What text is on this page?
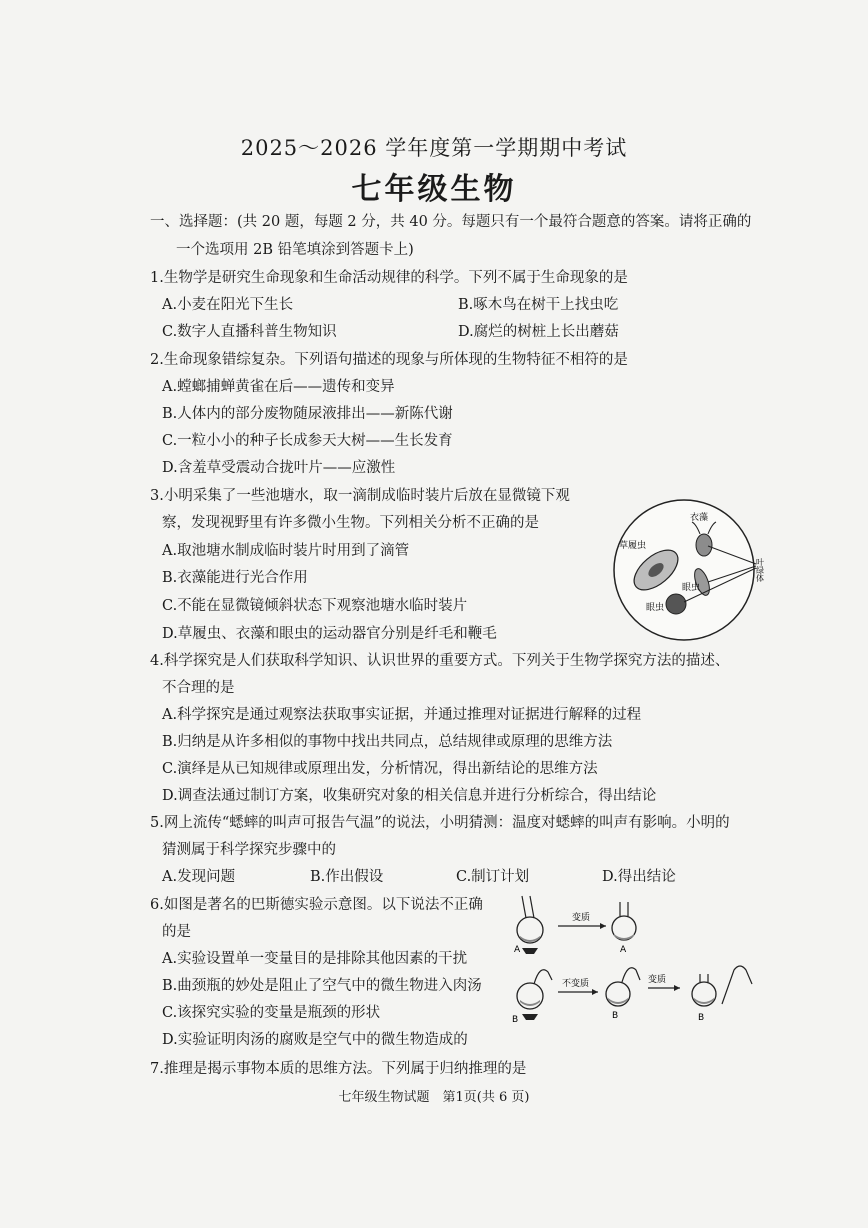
2025～2026 学年度第一学期期中考试
七年级生物
一、选择题：(共 20 题，每题 2 分，共 40 分。每题只有一个最符合题意的答案。请将正确的
一个选项用 2B 铅笔填涂到答题卡上)
1.生物学是研究生命现象和生命活动规律的科学。下列不属于生命现象的是
A.小麦在阳光下生长	B.啄木鸟在树干上找虫吃
C.数字人直播科普生物知识	D.腐烂的树桩上长出蘑菇
2.生命现象错综复杂。下列语句描述的现象与所体现的生物特征不相符的是
A.螳螂捕蝉黄雀在后——遗传和变异
B.人体内的部分废物随尿液排出——新陈代谢
C.一粒小小的种子长成参天大树——生长发育
D.含羞草受震动合拢叶片——应激性
3.小明采集了一些池塘水，取一滴制成临时装片后放在显微镜下观
察，发现视野里有许多微小生物。下列相关分析不正确的是
A.取池塘水制成临时装片时用到了滴管
B.衣藻能进行光合作用
C.不能在显微镜倾斜状态下观察池塘水临时装片
D.草履虫、衣藻和眼虫的运动器官分别是纤毛和鞭毛
草履虫
衣藻
眼虫
眼虫
叶绿体
4.科学探究是人们获取科学知识、认识世界的重要方式。下列关于生物学探究方法的描述、
不合理的是
A.科学探究是通过观察法获取事实证据，并通过推理对证据进行解释的过程
B.归纳是从许多相似的事物中找出共同点，总结规律或原理的思维方法
C.演绎是从已知规律或原理出发，分析情况，得出新结论的思维方法
D.调查法通过制订方案，收集研究对象的相关信息并进行分析综合，得出结论
5.网上流传“蟋蟀的叫声可报告气温”的说法，小明猜测：温度对蟋蟀的叫声有影响。小明的
猜测属于科学探究步骤中的
A.发现问题	B.作出假设	C.制订计划	D.得出结论
6.如图是著名的巴斯德实验示意图。以下说法不正确
的是
A.实验设置单一变量目的是排除其他因素的干扰
B.曲颈瓶的妙处是阻止了空气中的微生物进入肉汤
C.该探究实验的变量是瓶颈的形状
D.实验证明肉汤的腐败是空气中的微生物造成的
A
变质
A
B
不变质
B
变质
B
7.推理是揭示事物本质的思维方法。下列属于归纳推理的是
七年级生物试题　第1页(共 6 页)
